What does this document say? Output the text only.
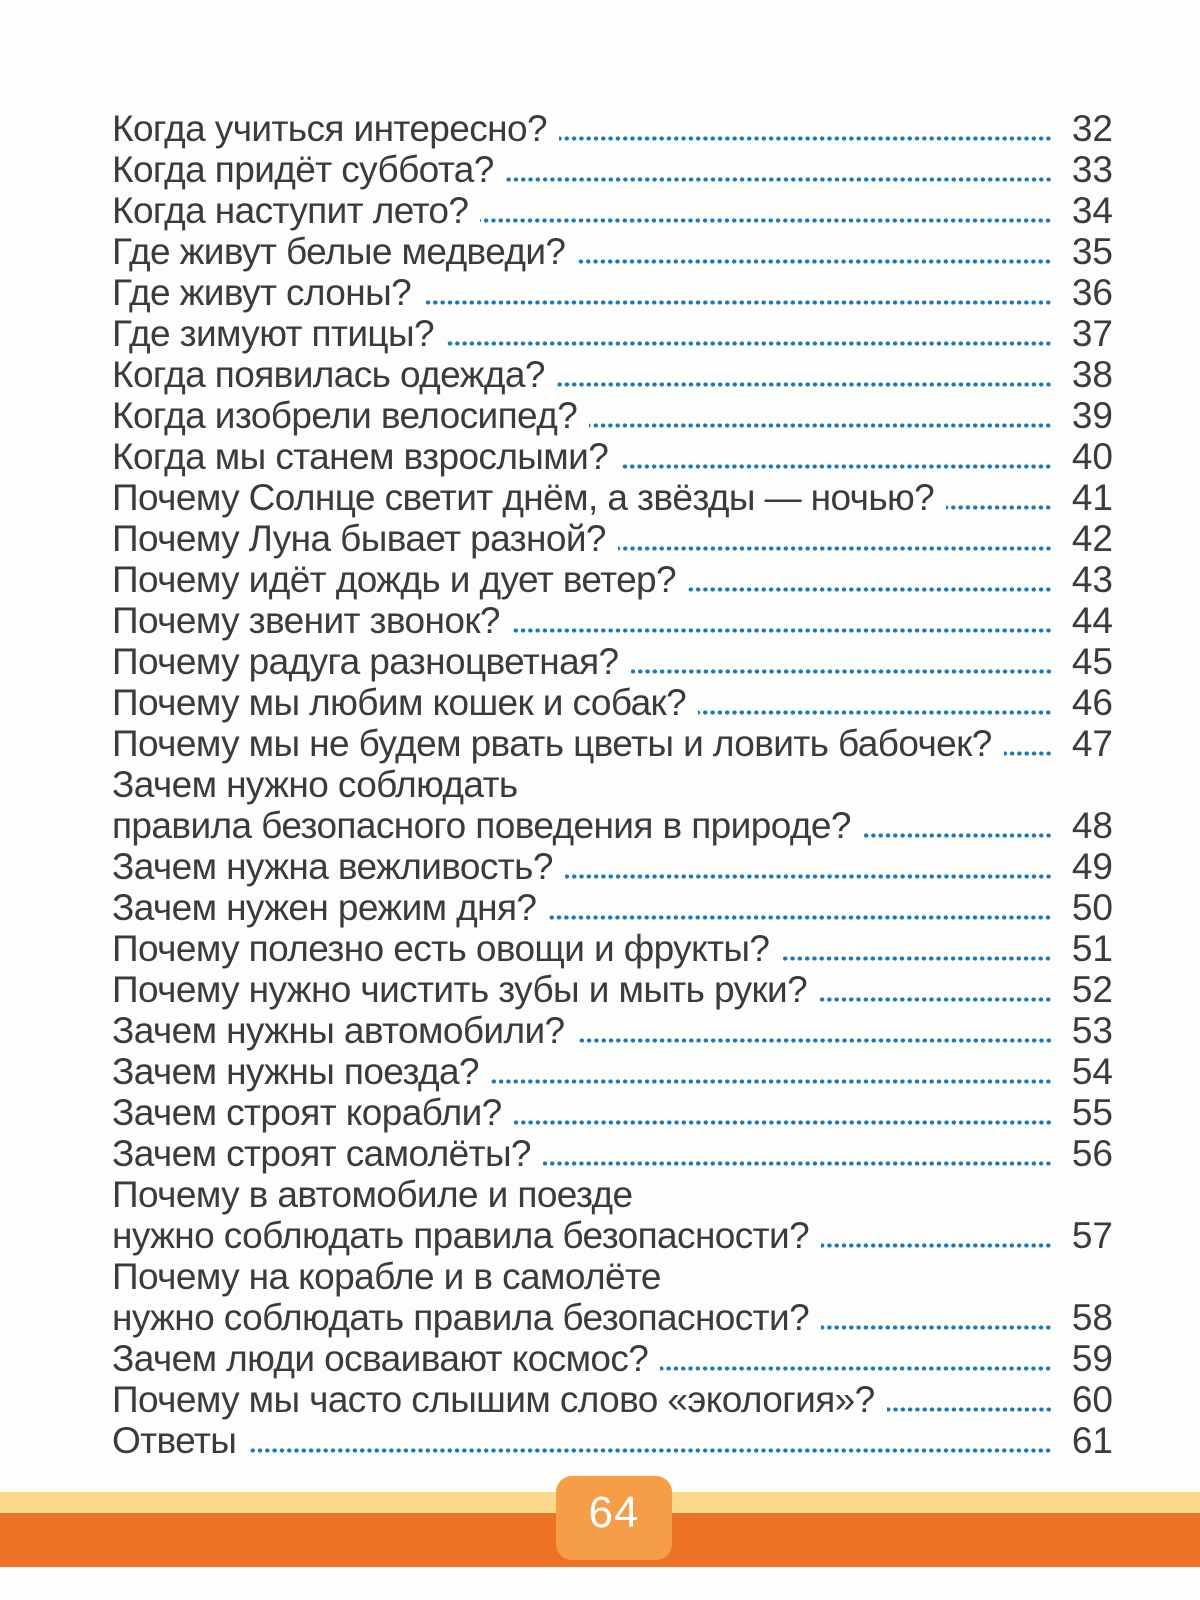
Когда учиться интересно?	32
Когда придёт суббота?	33
Когда наступит лето?	34
Где живут белые медведи?	35
Где живут слоны?	36
Где зимуют птицы?	37
Когда появилась одежда?	38
Когда изобрели велосипед?	39
Когда мы станем взрослыми?	40
Почему Солнце светит днём, а звёзды — ночью?	41
Почему Луна бывает разной?	42
Почему идёт дождь и дует ветер?	43
Почему звенит звонок?	44
Почему радуга разноцветная?	45
Почему мы любим кошек и собак?	46
Почему мы не будем рвать цветы и ловить бабочек? 47
Зачем нужно соблюдать
правила безопасного поведения в природе?	48
Зачем нужна вежливость?	49
Зачем нужен режим дня?	50
Почему полезно есть овощи и фрукты?	51
Почему нужно чистить зубы и мыть руки?	52
Зачем нужны автомобили?	53
Зачем нужны поезда?	54
Зачем строят корабли?	55
Зачем строят самолёты?	56
Почему в автомобиле и поезде
нужно соблюдать правила безопасности?	57
Почему на корабле и в самолёте
нужно соблюдать правила безопасности?	58
Зачем люди осваивают космос?	59
Почему мы часто слышим слово «экология»?	60
Ответы	61
64
